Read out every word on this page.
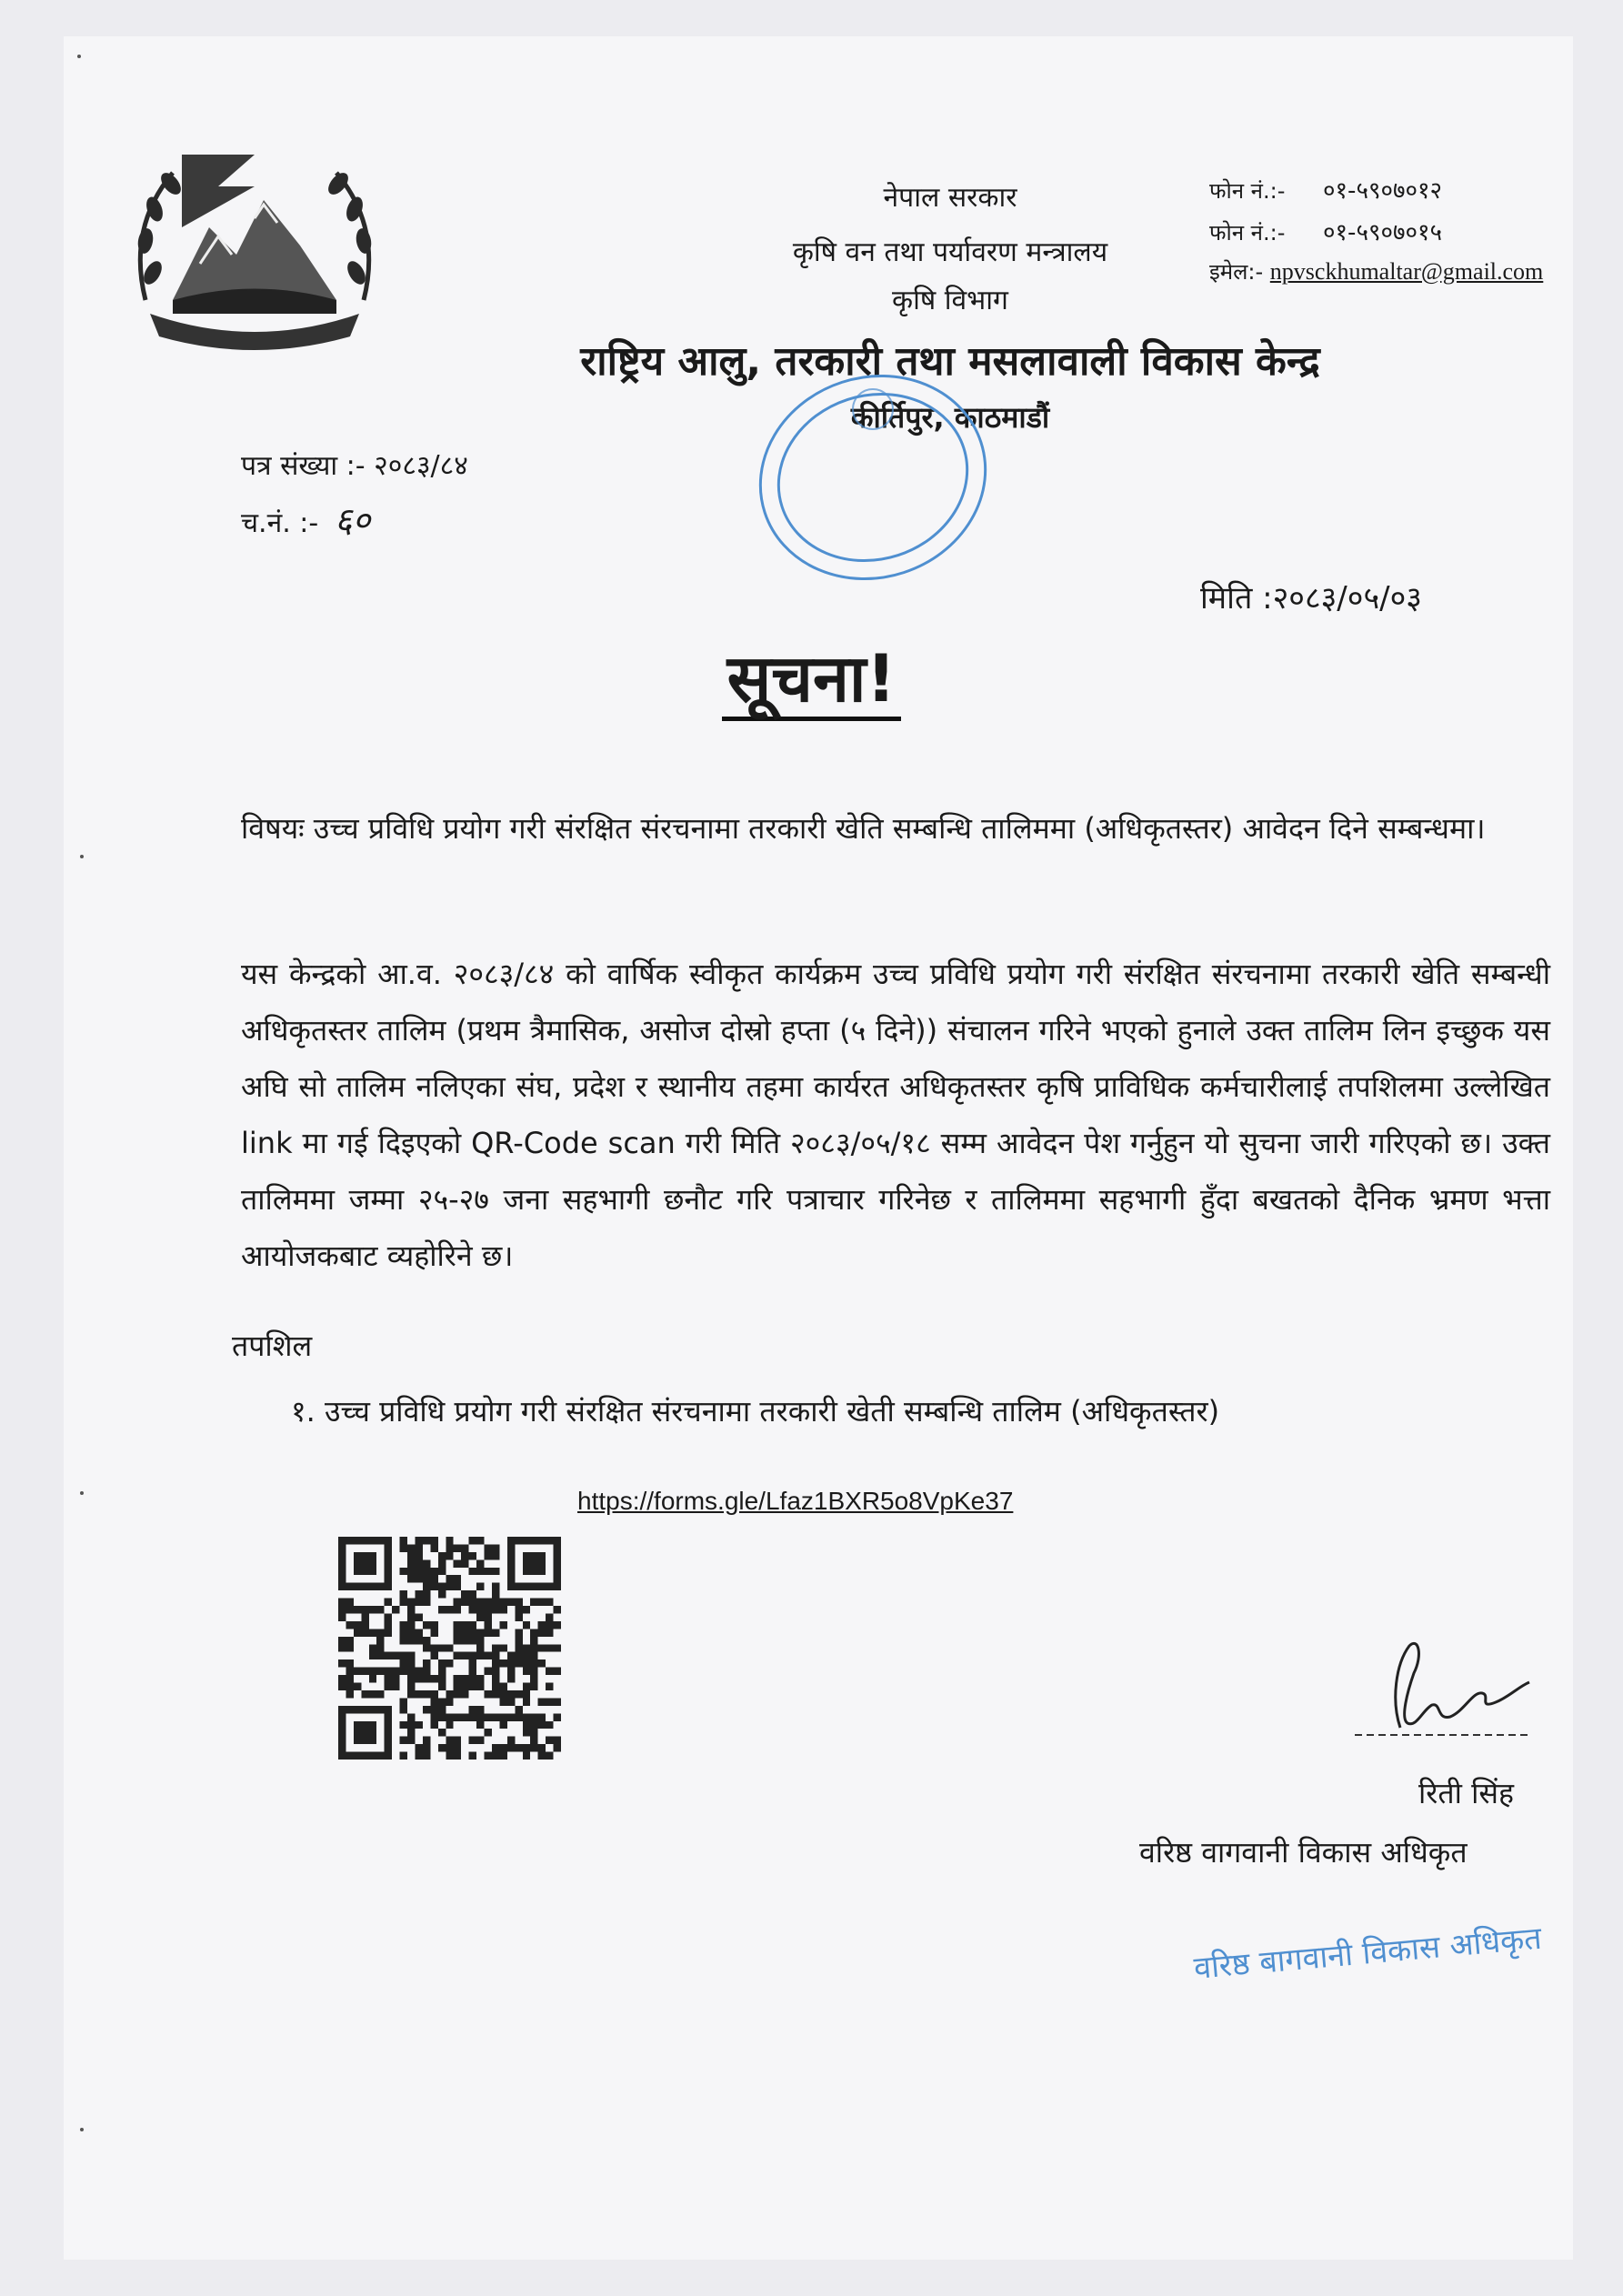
नेपाल सरकार
कृषि वन तथा पर्यावरण मन्त्रालय
कृषि विभाग
राष्ट्रिय आलु, तरकारी तथा मसलावाली विकास केन्द्र
कीर्तिपुर, काठमाडौं
फोन नं.:- ०१-५९०७०१२
फोन नं.:- ०१-५९०७०१५
इमेल:- npvsckhumaltar@gmail.com
पत्र संख्या :- २०८३/८४
च.नं. :- ६०
मिति :२०८३/०५/०३
सूचना!
विषयः उच्च प्रविधि प्रयोग गरी संरक्षित संरचनामा तरकारी खेति सम्बन्धि तालिममा (अधिकृतस्तर) आवेदन दिने सम्बन्धमा।
यस केन्द्रको आ.व. २०८३/८४ को वार्षिक स्वीकृत कार्यक्रम उच्च प्रविधि प्रयोग गरी संरक्षित संरचनामा तरकारी खेति सम्बन्धी अधिकृतस्तर तालिम (प्रथम त्रैमासिक, असोज दोस्रो हप्ता (५ दिने)) संचालन गरिने भएको हुनाले उक्त तालिम लिन इच्छुक यस अघि सो तालिम नलिएका संघ, प्रदेश र स्थानीय तहमा कार्यरत अधिकृतस्तर कृषि प्राविधिक कर्मचारीलाई तपशिलमा उल्लेखित link मा गई दिइएको QR-Code scan गरी मिति २०८३/०५/१८ सम्म आवेदन पेश गर्नुहुन यो सुचना जारी गरिएको छ। उक्त तालिममा जम्मा २५-२७ जना सहभागी छनौट गरि पत्राचार गरिनेछ र तालिममा सहभागी हुँदा बखतको दैनिक भ्रमण भत्ता आयोजकबाट व्यहोरिने छ।
तपशिल
१. उच्च प्रविधि प्रयोग गरी संरक्षित संरचनामा तरकारी खेती सम्बन्धि तालिम (अधिकृतस्तर)
https://forms.gle/Lfaz1BXR5o8VpKe37
रिती सिंह
वरिष्ठ वागवानी विकास अधिकृत
वरिष्ठ बागवानी विकास अधिकृत
